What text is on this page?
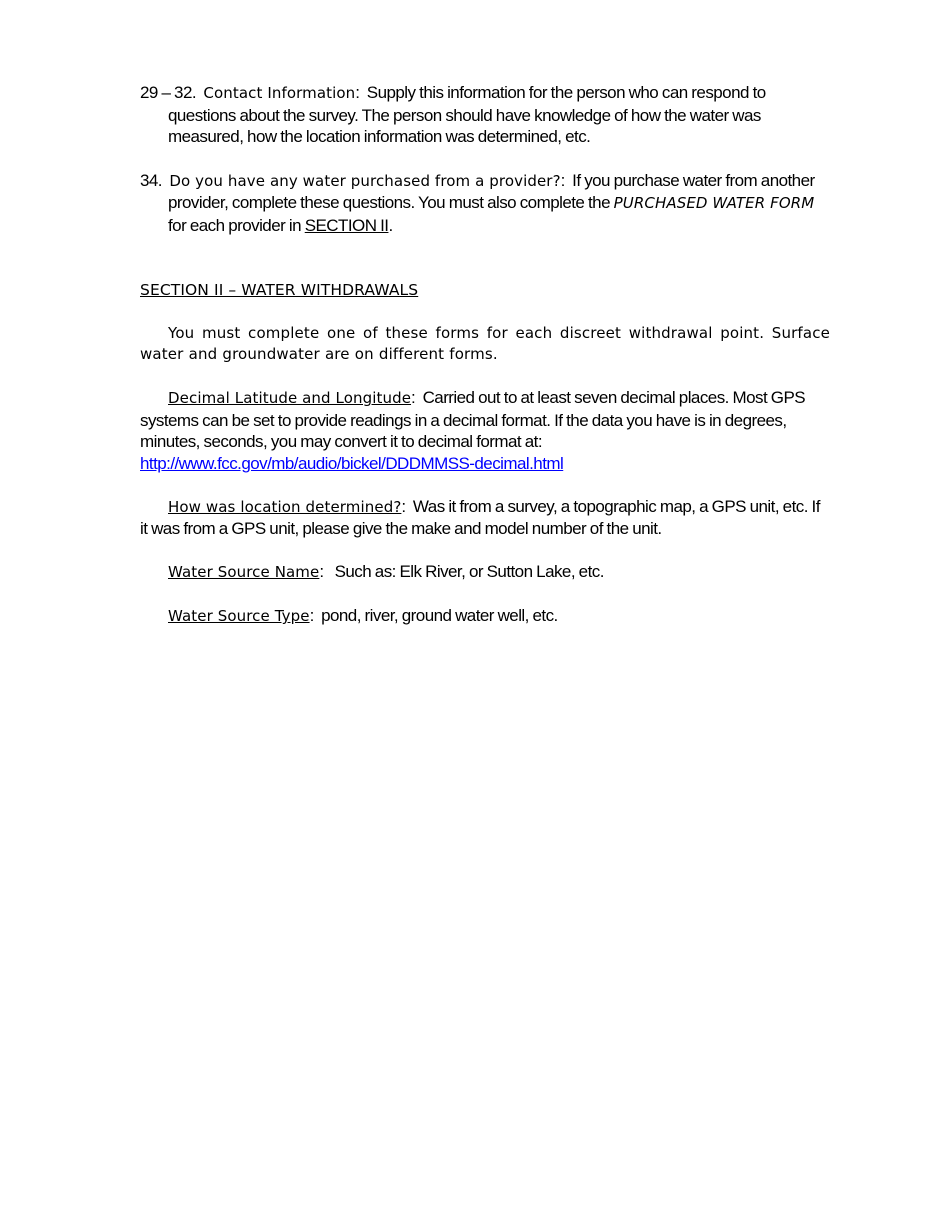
29 – 32. Contact Information:  Supply this information for the person who can respond to questions about the survey. The person should have knowledge of how the water was measured, how the location information was determined, etc.

34. Do you have any water purchased from a provider?:  If you purchase water from another provider, complete these questions. You must also complete the PURCHASED WATER FORM for each provider in SECTION II.

SECTION II – WATER WITHDRAWALS

You must complete one of these forms for each discreet withdrawal point. Surface water and groundwater are on different forms.

Decimal Latitude and Longitude:  Carried out to at least seven decimal places. Most GPS systems can be set to provide readings in a decimal format. If the data you have is in degrees, minutes, seconds, you may convert it to decimal format at:
http://www.fcc.gov/mb/audio/bickel/DDDMMSS-decimal.html

How was location determined?:  Was it from a survey, a topographic map, a GPS unit, etc. If it was from a GPS unit, please give the make and model number of the unit.

Water Source Name:   Such as: Elk River, or Sutton Lake, etc.

Water Source Type:  pond, river, ground water well, etc.
